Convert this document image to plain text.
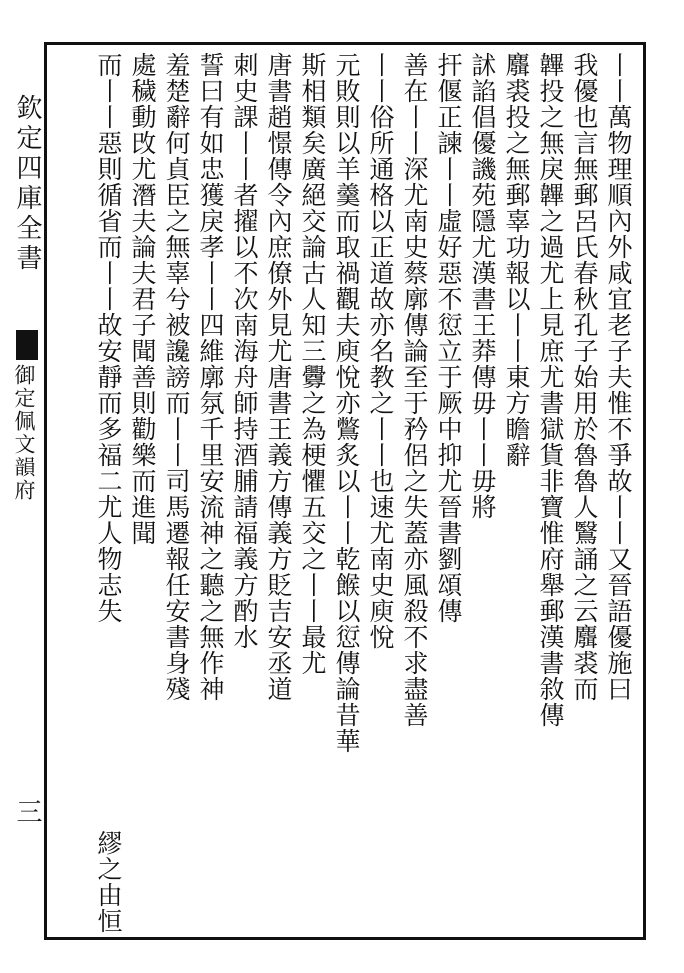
欽定四庫全書
御定佩文韻府
三
丨丨萬物理順內外咸宜老子夫惟不爭故丨丨又晉語優施曰
我優也言無郵呂氏春秋孔子始用於魯魯人鷖誦之云麛裘而
韠投之無戾韠之過尤上見庶尤書獄貨非寶惟府舉郵漢書敘傳
麛裘投之無郵辜功報以丨丨東方瞻辭
訹諂倡優譏苑隱尤漢書王莽傳毋丨丨毋將
扞偃正諫丨丨虛好惡不愆立于厥中抑尤晉書劉頌傳
善在丨丨深尤南史蔡廓傳論至于矜侶之失蓋亦風殺不求盡善
丨丨俗所通格以正道故亦名教之丨丨也速尤南史庾悅
元敗則以羊羹而取禍觀夫庾悅亦鷩炙以丨丨乾餱以愆傳論昔華
斯相類矣廣絕交論古人知三釁之為梗懼五交之丨丨最尤
唐書趙憬傳令內庶僚外見尤唐書王義方傳義方貶吉安丞道
刺史課丨丨者擢以不次南海舟師持酒脯請福義方酌水
誓曰有如忠獲戾孝丨丨四維廓氛千里安流神之聽之無作神
羞楚辭何貞臣之無辜兮被讒謗而丨丨司馬遷報任安書身殘
處穢動攺尤潛夫論夫君子聞善則勸樂而進聞
而丨丨惡則循省而丨丨故安靜而多福二尤人物志失
繆之由恒
